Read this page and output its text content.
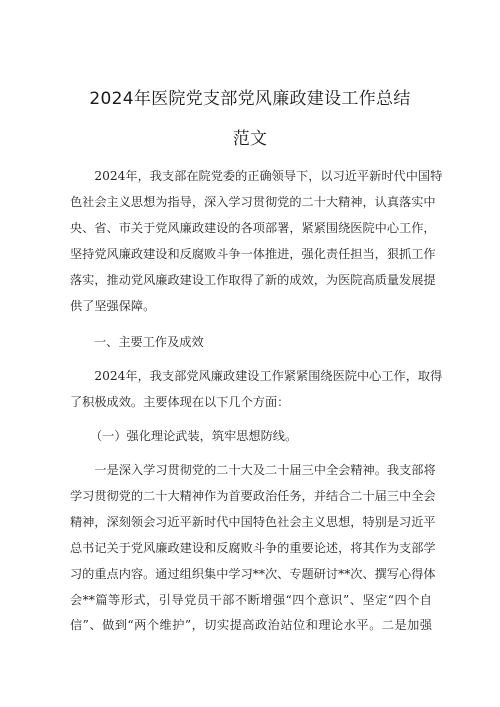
2024年医院党支部党风廉政建设工作总结
范文
2024年，我支部在院党委的正确领导下，以习近平新时代中国特
色社会主义思想为指导，深入学习贯彻党的二十大精神，认真落实中
央、省、市关于党风廉政建设的各项部署，紧紧围绕医院中心工作，
坚持党风廉政建设和反腐败斗争一体推进，强化责任担当，狠抓工作
落实，推动党风廉政建设工作取得了新的成效，为医院高质量发展提
供了坚强保障。
一、主要工作及成效
2024年，我支部党风廉政建设工作紧紧围绕医院中心工作，取得
了积极成效。主要体现在以下几个方面：
（一）强化理论武装，筑牢思想防线。
一是深入学习贯彻党的二十大及二十届三中全会精神。我支部将
学习贯彻党的二十大精神作为首要政治任务，并结合二十届三中全会
精神，深刻领会习近平新时代中国特色社会主义思想，特别是习近平
总书记关于党风廉政建设和反腐败斗争的重要论述，将其作为支部学
习的重点内容。通过组织集中学习**次、专题研讨**次、撰写心得体
会**篇等形式，引导党员干部不断增强“四个意识”、坚定“四个自
信”、做到“两个维护”，切实提高政治站位和理论水平。二是加强
